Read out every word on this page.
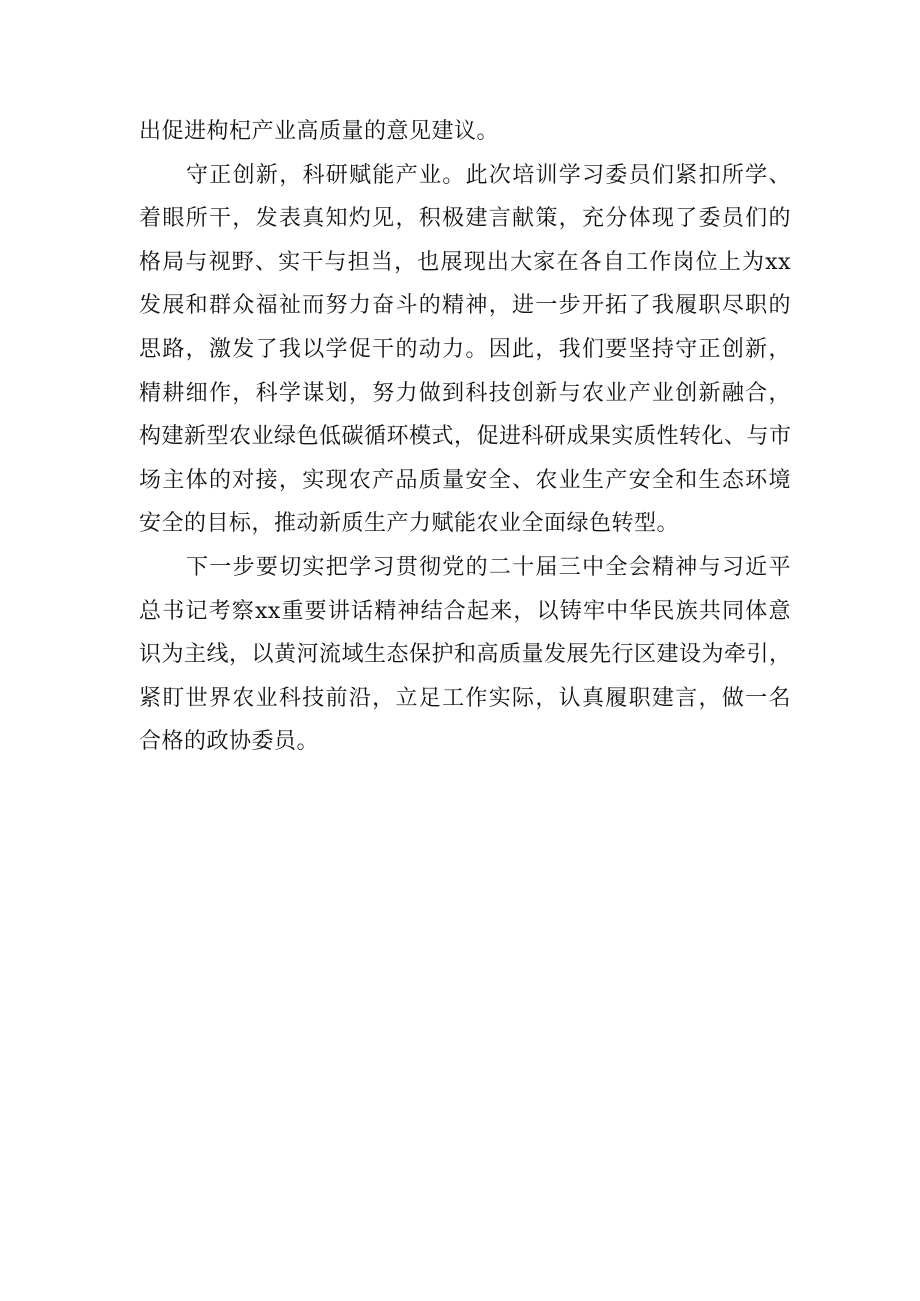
出促进枸杞产业高质量的意见建议。
守正创新，科研赋能产业。此次培训学习委员们紧扣所学、
着眼所干，发表真知灼见，积极建言献策，充分体现了委员们的
格局与视野、实干与担当，也展现出大家在各自工作岗位上为xx
发展和群众福祉而努力奋斗的精神，进一步开拓了我履职尽职的
思路，激发了我以学促干的动力。因此，我们要坚持守正创新，
精耕细作，科学谋划，努力做到科技创新与农业产业创新融合，
构建新型农业绿色低碳循环模式，促进科研成果实质性转化、与市
场主体的对接，实现农产品质量安全、农业生产安全和生态环境
安全的目标，推动新质生产力赋能农业全面绿色转型。
下一步要切实把学习贯彻党的二十届三中全会精神与习近平
总书记考察xx重要讲话精神结合起来，以铸牢中华民族共同体意
识为主线，以黄河流域生态保护和高质量发展先行区建设为牵引，
紧盯世界农业科技前沿，立足工作实际，认真履职建言，做一名
合格的政协委员。
